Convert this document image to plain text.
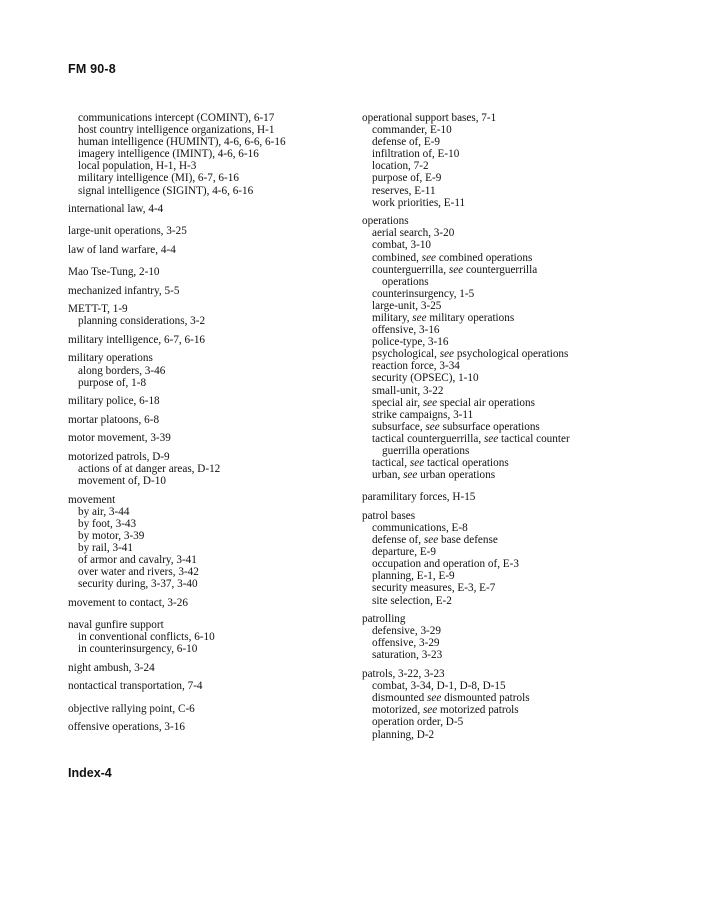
FM 90-8
communications intercept (COMINT), 6-17
host country intelligence organizations, H-1
human intelligence (HUMINT), 4-6, 6-6, 6-16
imagery intelligence (IMINT), 4-6, 6-16
local population, H-1, H-3
military intelligence (MI), 6-7, 6-16
signal intelligence (SIGINT), 4-6, 6-16
international law, 4-4
large-unit operations, 3-25
law of land warfare, 4-4
Mao Tse-Tung, 2-10
mechanized infantry, 5-5
METT-T, 1-9
planning considerations, 3-2
military intelligence, 6-7, 6-16
military operations
along borders, 3-46
purpose of, 1-8
military police, 6-18
mortar platoons, 6-8
motor movement, 3-39
motorized patrols, D-9
actions of at danger areas, D-12
movement of, D-10
movement
by air, 3-44
by foot, 3-43
by motor, 3-39
by rail, 3-41
of armor and cavalry, 3-41
over water and rivers, 3-42
security during, 3-37, 3-40
movement to contact, 3-26
naval gunfire support
in conventional conflicts, 6-10
in counterinsurgency, 6-10
night ambush, 3-24
nontactical transportation, 7-4
objective rallying point, C-6
offensive operations, 3-16
operational support bases, 7-1
commander, E-10
defense of, E-9
infiltration of, E-10
location, 7-2
purpose of, E-9
reserves, E-11
work priorities, E-11
operations
aerial search, 3-20
combat, 3-10
combined, see combined operations
counterguerrilla, see counterguerrilla
operations
counterinsurgency, 1-5
large-unit, 3-25
military, see military operations
offensive, 3-16
police-type, 3-16
psychological, see psychological operations
reaction force, 3-34
security (OPSEC), 1-10
small-unit, 3-22
special air, see special air operations
strike campaigns, 3-11
subsurface, see subsurface operations
tactical counterguerrilla, see tactical counter
guerrilla operations
tactical, see tactical operations
urban, see urban operations
paramilitary forces, H-15
patrol bases
communications, E-8
defense of, see base defense
departure, E-9
occupation and operation of, E-3
planning, E-1, E-9
security measures, E-3, E-7
site selection, E-2
patrolling
defensive, 3-29
offensive, 3-29
saturation, 3-23
patrols, 3-22, 3-23
combat, 3-34, D-1, D-8, D-15
dismounted see dismounted patrols
motorized, see motorized patrols
operation order, D-5
planning, D-2
Index-4
